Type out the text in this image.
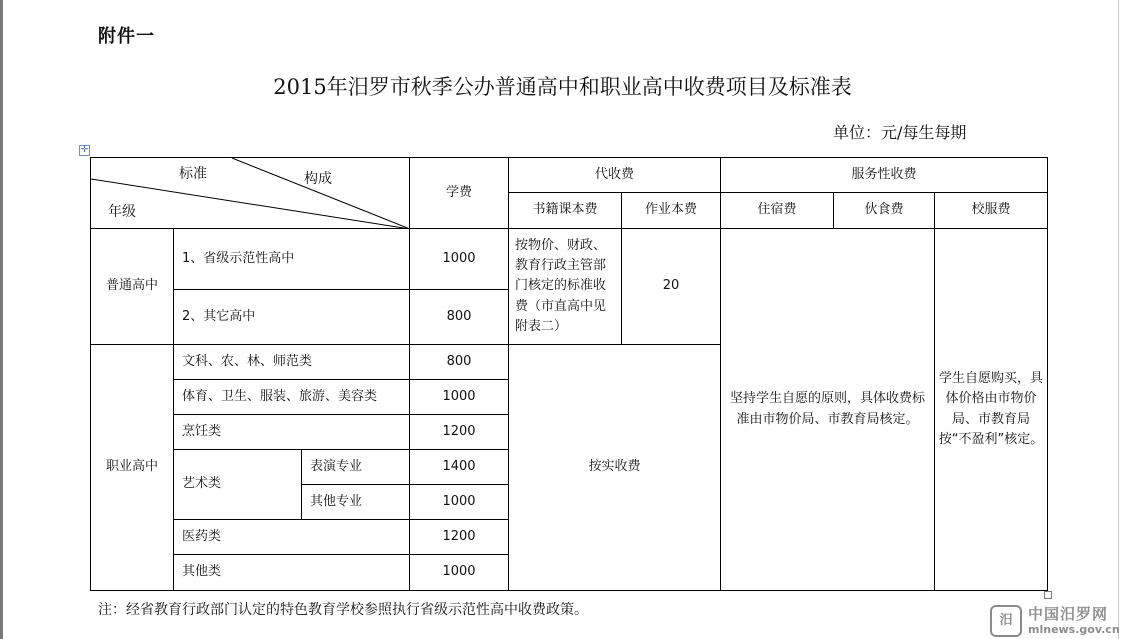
附件一
2015年汨罗市秋季公办普通高中和职业高中收费项目及标准表
单位：元/每生每期
✛
标准 构成
年级			学费	代收费		服务性收费		
				书籍课本费	作业本费	住宿费	伙食费	校服费
普通高中	1、省级示范性高中		1000	按物价、财政、教育行政主管部门核定的标准收费（市直高中见附表二）	20	坚持学生自愿的原则，具体收费标准由市物价局、市教育局核定。		学生自愿购买，具体价格由市物价局、市教育局按“不盈利”核定。
	2、其它高中		800					
职业高中	文科、农、林、师范类		800	按实收费				
	体育、卫生、服装、旅游、美容类		1000					
	烹饪类		1200					
	艺术类	表演专业	1400					
		其他专业	1000					
	医药类		1200					
	其他类		1000					
注：经省教育行政部门认定的特色教育学校参照执行省级示范性高中收费政策。
汨	中国汨罗网
mlnews.gov.cn
